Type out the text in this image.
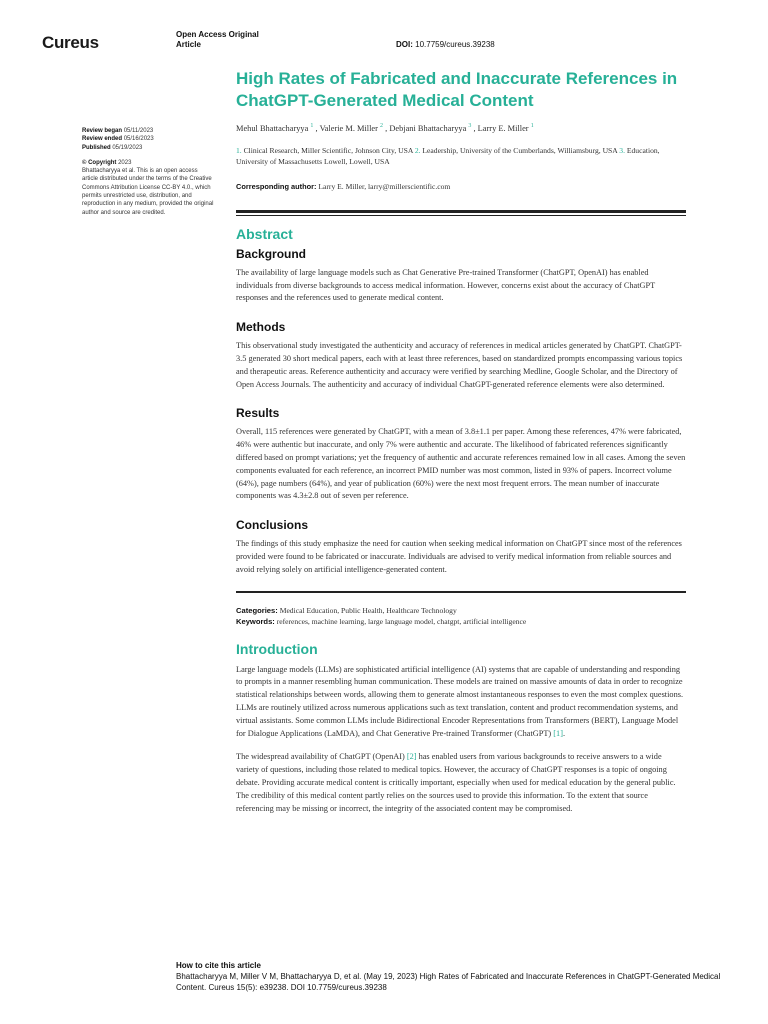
Cureus	Open Access Original
Article	DOI: 10.7759/cureus.39238
Review began 05/11/2023
Review ended 05/16/2023
Published 05/19/2023
© Copyright 2023
Bhattacharyya et al. This is an open access article distributed under the terms of the Creative Commons Attribution License CC-BY 4.0., which permits unrestricted use, distribution, and reproduction in any medium, provided the original author and source are credited.
High Rates of Fabricated and Inaccurate References in ChatGPT-Generated Medical Content
Mehul Bhattacharyya $^1$ , Valerie M. Miller $^2$ , Debjani Bhattacharyya $^3$ , Larry E. Miller $^1$
1. Clinical Research, Miller Scientific, Johnson City, USA 2. Leadership, University of the Cumberlands, Williamsburg, USA 3. Education, University of Massachusetts Lowell, Lowell, USA
Corresponding author: Larry E. Miller, larry@millerscientific.com
Abstract
Background

The availability of large language models such as Chat Generative Pre-trained Transformer (ChatGPT, OpenAI) has enabled individuals from diverse backgrounds to access medical information. However, concerns exist about the accuracy of ChatGPT responses and the references used to generate medical content.

Methods

This observational study investigated the authenticity and accuracy of references in medical articles generated by ChatGPT. ChatGPT-3.5 generated 30 short medical papers, each with at least three references, based on standardized prompts encompassing various topics and therapeutic areas. Reference authenticity and accuracy were verified by searching Medline, Google Scholar, and the Directory of Open Access Journals. The authenticity and accuracy of individual ChatGPT-generated reference elements were also determined.

Results

Overall, 115 references were generated by ChatGPT, with a mean of 3.8±1.1 per paper. Among these references, 47% were fabricated, 46% were authentic but inaccurate, and only 7% were authentic and accurate. The likelihood of fabricated references significantly differed based on prompt variations; yet the frequency of authentic and accurate references remained low in all cases. Among the seven components evaluated for each reference, an incorrect PMID number was most common, listed in 93% of papers. Incorrect volume (64%), page numbers (64%), and year of publication (60%) were the next most frequent errors. The mean number of inaccurate components was 4.3±2.8 out of seven per reference.

Conclusions

The findings of this study emphasize the need for caution when seeking medical information on ChatGPT since most of the references provided were found to be fabricated or inaccurate. Individuals are advised to verify medical information from reliable sources and avoid relying solely on artificial intelligence-generated content.

Categories: Medical Education, Public Health, Healthcare Technology
Keywords: references, machine learning, large language model, chatgpt, artificial intelligence
Introduction

Large language models (LLMs) are sophisticated artificial intelligence (AI) systems that are capable of understanding and responding to prompts in a manner resembling human communication. These models are trained on massive amounts of data in order to recognize statistical relationships between words, allowing them to generate almost instantaneous responses to even the most complex questions. LLMs are routinely utilized across numerous applications such as text translation, content and product recommendation systems, and virtual assistants. Some common LLMs include Bidirectional Encoder Representations from Transformers (BERT), Language Model for Dialogue Applications (LaMDA), and Chat Generative Pre-trained Transformer (ChatGPT) [1].

The widespread availability of ChatGPT (OpenAI) [2] has enabled users from various backgrounds to receive answers to a wide variety of questions, including those related to medical topics. However, the accuracy of ChatGPT responses is a topic of ongoing debate. Providing accurate medical content is critically important, especially when used for medical education by the general public. The credibility of this medical content partly relies on the sources used to provide this information. To the extent that source referencing may be missing or incorrect, the integrity of the associated content may be compromised.

How to cite this article
Bhattacharyya M, Miller V M, Bhattacharyya D, et al. (May 19, 2023) High Rates of Fabricated and Inaccurate References in ChatGPT-Generated Medical Content. Cureus 15(5): e39238. DOI 10.7759/cureus.39238
